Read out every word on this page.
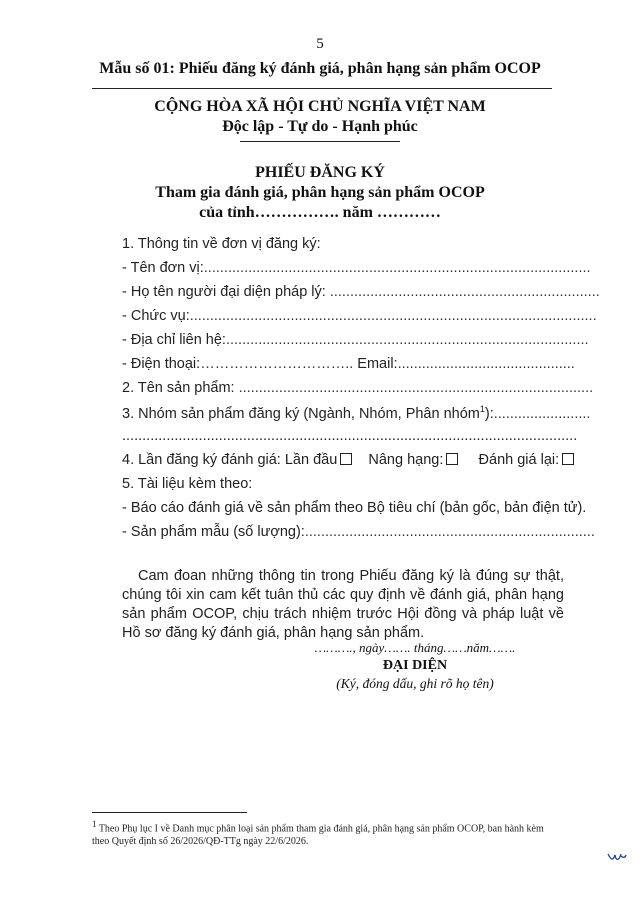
5
Mẫu số 01: Phiếu đăng ký đánh giá, phân hạng sản phẩm OCOP
CỘNG HÒA XÃ HỘI CHỦ NGHĨA VIỆT NAM
Độc lập - Tự do - Hạnh phúc
PHIẾU ĐĂNG KÝ
Tham gia đánh giá, phân hạng sản phẩm OCOP
của tỉnh……………. năm …………
1. Thông tin về đơn vị đăng ký:
- Tên đơn vị:................................................................................................
- Họ tên người đại diện pháp lý: ...................................................................
- Chức vụ:.....................................................................................................
- Địa chỉ liên hệ:..........................................................................................
- Điện thoại:………………………….. Email:............................................
2. Tên sản phẩm: ........................................................................................
3. Nhóm sản phẩm đăng ký (Ngành, Nhóm, Phân nhóm$^1$):........................
.................................................................................................................
4. Lần đăng ký đánh giá: Lần đầu Nâng hạng: Đánh giá lại:
5. Tài liệu kèm theo:
- Báo cáo đánh giá về sản phẩm theo Bộ tiêu chí (bản gốc, bản điện tử).
- Sản phẩm mẫu (số lượng):........................................................................
Cam đoan những thông tin trong Phiếu đăng ký là đúng sự thật, chúng tôi xin cam kết tuân thủ các quy định về đánh giá, phân hạng sản phẩm OCOP, chịu trách nhiệm trước Hội đồng và pháp luật về Hồ sơ đăng ký đánh giá, phân hạng sản phẩm.
………., ngày……. tháng……năm…….
ĐẠI DIỆN
(Ký, đóng dấu, ghi rõ họ tên)
$^1$ Theo Phụ lục I về Danh mục phân loại sản phẩm tham gia đánh giá, phân hạng sản phẩm OCOP, ban hành kèm theo Quyết định số 26/2026/QĐ-TTg ngày 22/6/2026.
